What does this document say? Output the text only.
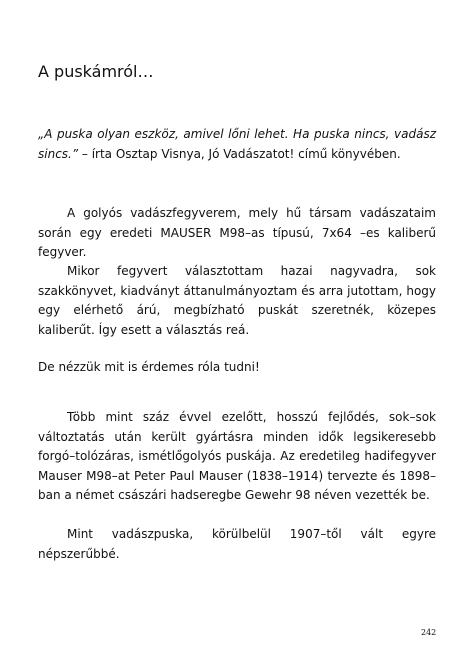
A puskámról…

„A puska olyan eszköz, amivel lőni lehet. Ha puska nincs, vadász sincs.” – írta Osztap Visnya, Jó Vadászatot! című könyvében.

A golyós vadászfegyverem, mely hű társam vadászataim során egy eredeti MAUSER M98–as típusú, 7x64 –es kaliberű fegyver.

Mikor fegyvert választottam hazai nagyvadra, sok szakkönyvet, kiadványt áttanulmányoztam és arra jutottam, hogy egy elérhető árú, megbízható puskát szeretnék, közepes kaliberűt. Így esett a választás reá.

De nézzük mit is érdemes róla tudni!

Több mint száz évvel ezelőtt, hosszú fejlődés, sok–sok változtatás után került gyártásra minden idők legsikeresebb forgó–tolózáras, ismétlőgolyós puskája. Az eredetileg hadifegyver Mauser M98–at Peter Paul Mauser (1838–1914) tervezte és 1898–ban a német császári hadseregbe Gewehr 98 néven vezették be.

Mint vadászpuska, körülbelül 1907–től vált egyre népszerűbbé.

242
